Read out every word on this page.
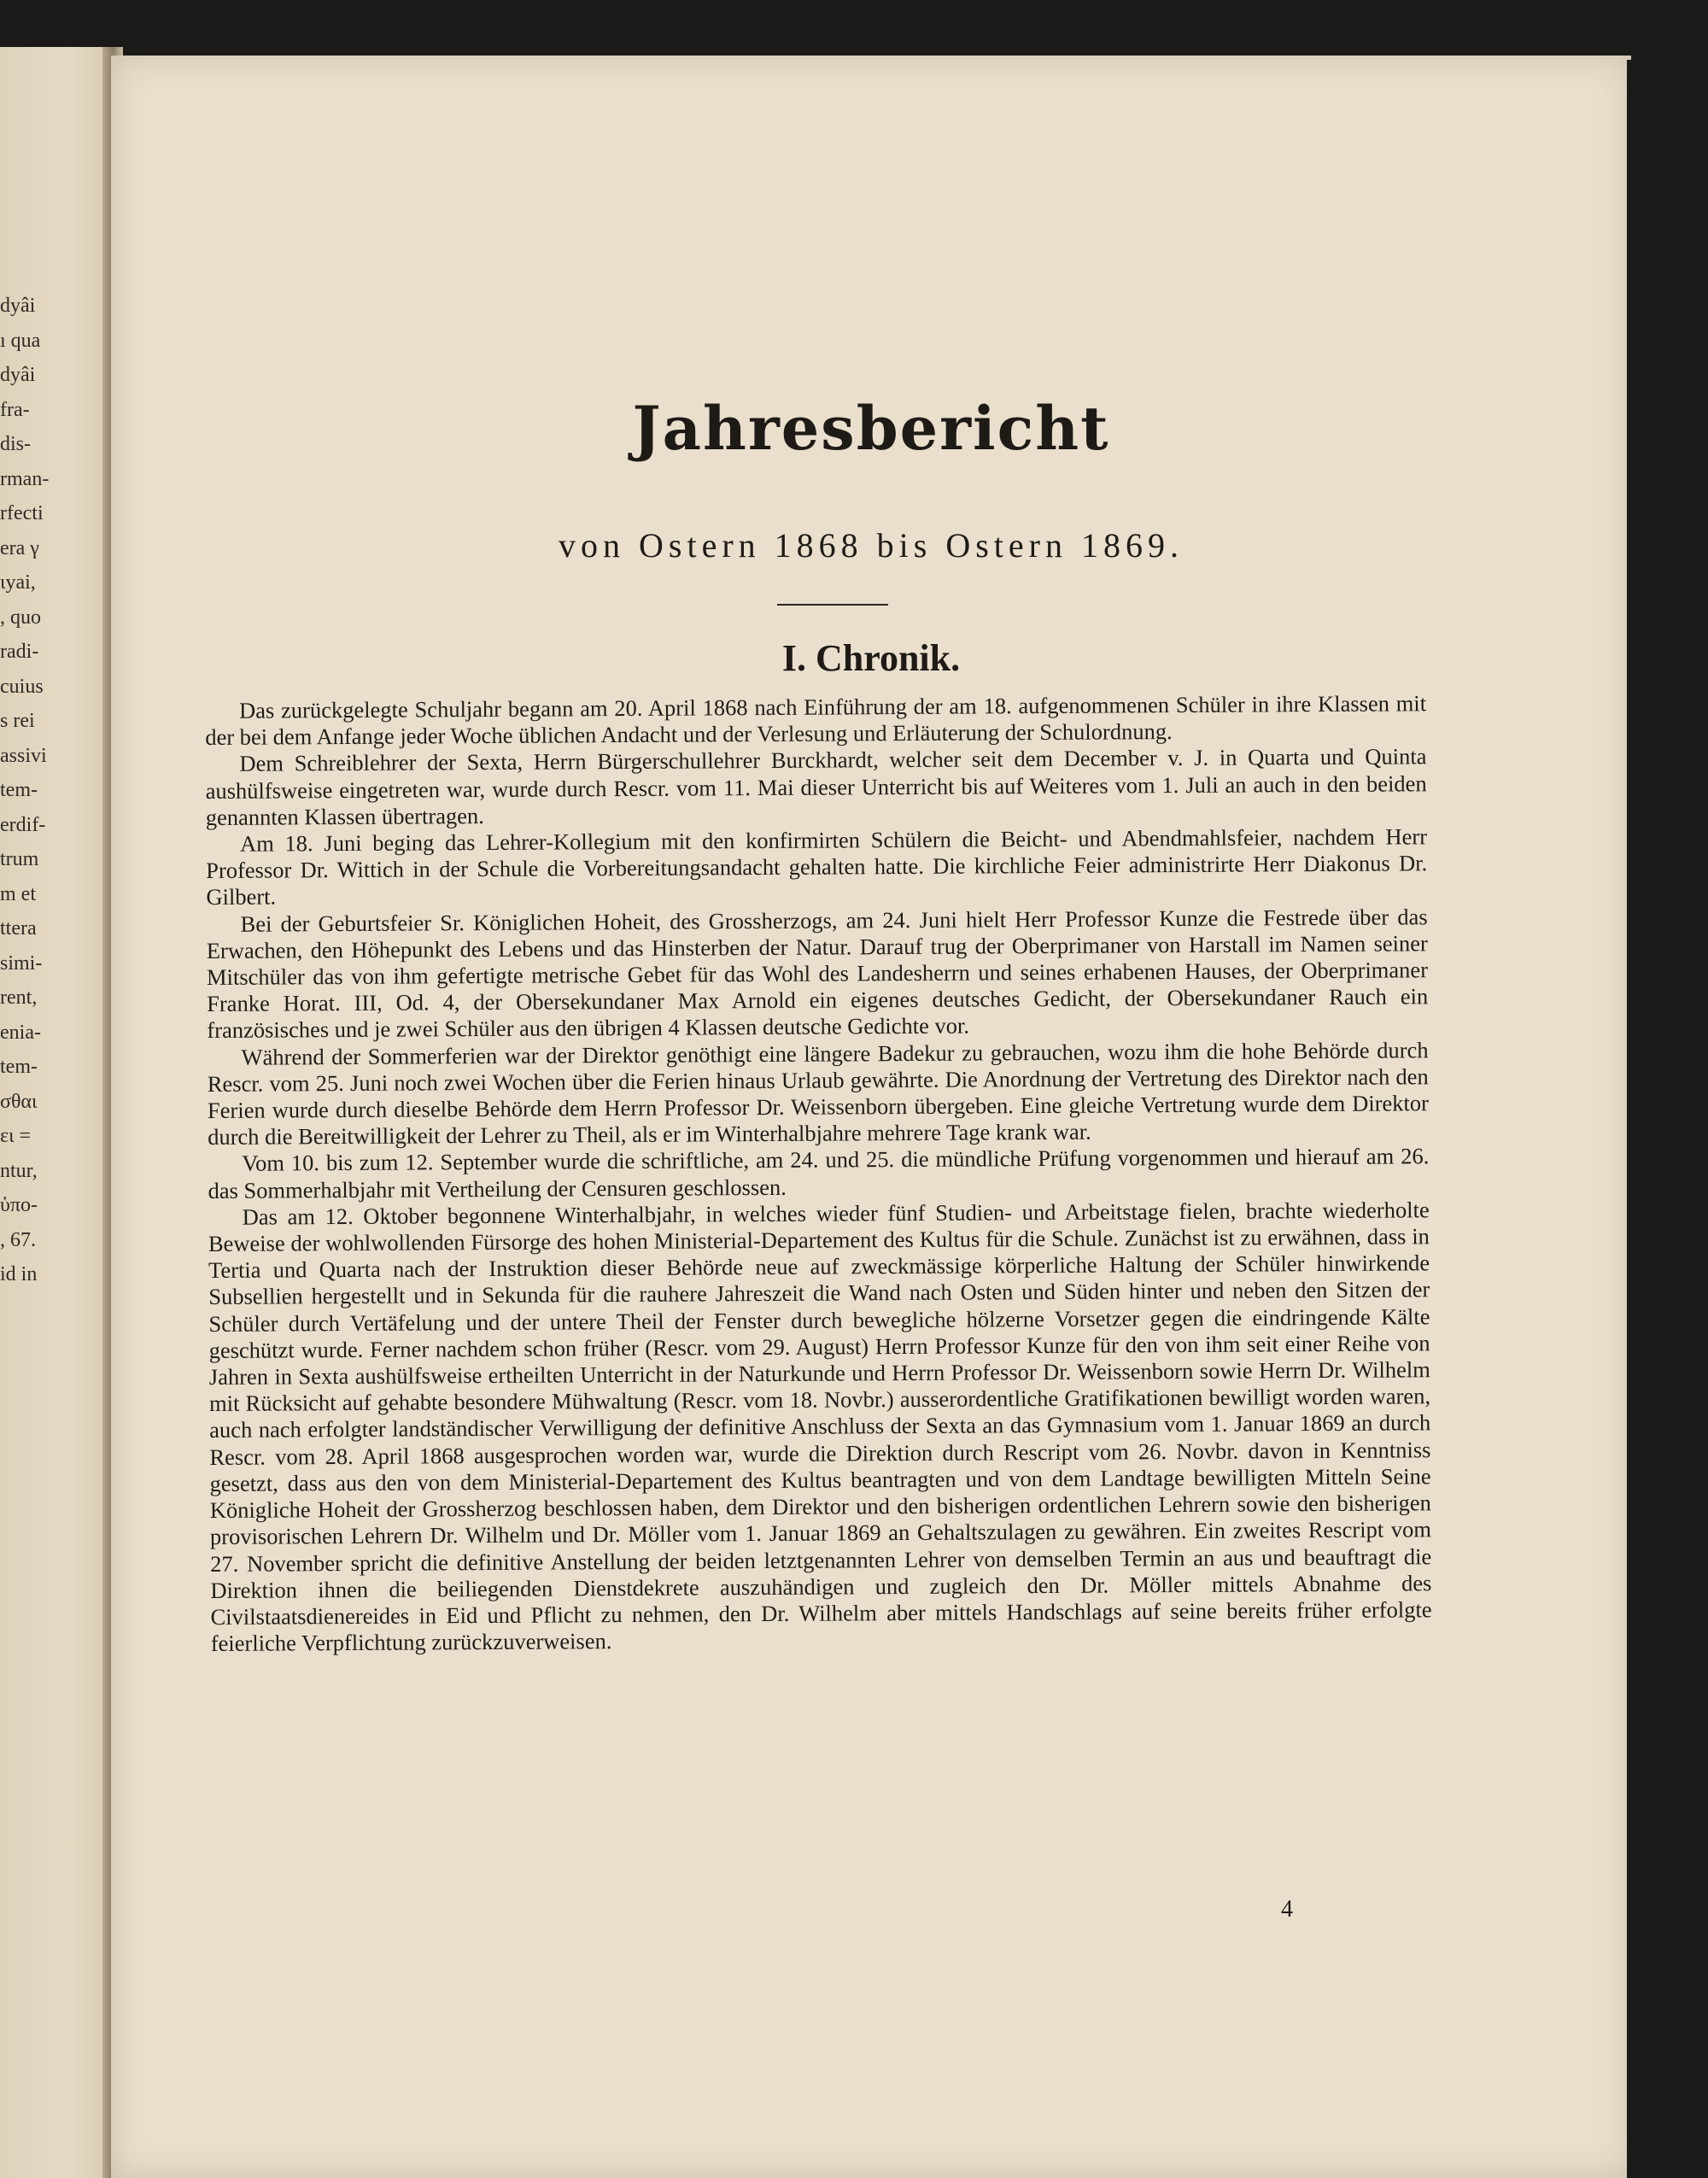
dyâi
ı qua
dyâi
fra-
dis-
rman-
rfecti
era γ
ιyai,
, quo
radi-
cuius
s rei
assivi
tem-
erdif-
trum
m et
ttera
simi-
rent,
enia-
tem-
σθαι
ει =
ntur,
ὑπο-
, 67.
id in
Jahresbericht
von Ostern 1868 bis Ostern 1869.
I. Chronik.

Das zurückgelegte Schuljahr begann am 20. April 1868 nach Einführung der am 18. aufgenommenen Schüler in ihre Klassen mit der bei dem Anfange jeder Woche üblichen Andacht und der Verlesung und Erläuterung der Schulordnung.

Dem Schreiblehrer der Sexta, Herrn Bürgerschullehrer Burckhardt, welcher seit dem December v. J. in Quarta und Quinta aushülfsweise eingetreten war, wurde durch Rescr. vom 11. Mai dieser Unterricht bis auf Weiteres vom 1. Juli an auch in den beiden genannten Klassen übertragen.

Am 18. Juni beging das Lehrer-Kollegium mit den konfirmirten Schülern die Beicht- und Abendmahlsfeier, nachdem Herr Professor Dr. Wittich in der Schule die Vorbereitungsandacht gehalten hatte. Die kirchliche Feier administrirte Herr Diakonus Dr. Gilbert.

Bei der Geburtsfeier Sr. Königlichen Hoheit, des Grossherzogs, am 24. Juni hielt Herr Professor Kunze die Festrede über das Erwachen, den Höhepunkt des Lebens und das Hinsterben der Natur. Darauf trug der Oberprimaner von Harstall im Namen seiner Mitschüler das von ihm gefertigte metrische Gebet für das Wohl des Landesherrn und seines erhabenen Hauses, der Oberprimaner Franke Horat. III, Od. 4, der Obersekundaner Max Arnold ein eigenes deutsches Gedicht, der Obersekundaner Rauch ein französisches und je zwei Schüler aus den übrigen 4 Klassen deutsche Gedichte vor.

Während der Sommerferien war der Direktor genöthigt eine längere Badekur zu gebrauchen, wozu ihm die hohe Behörde durch Rescr. vom 25. Juni noch zwei Wochen über die Ferien hinaus Urlaub gewährte. Die Anordnung der Vertretung des Direktor nach den Ferien wurde durch dieselbe Behörde dem Herrn Professor Dr. Weissenborn übergeben. Eine gleiche Vertretung wurde dem Direktor durch die Bereitwilligkeit der Lehrer zu Theil, als er im Winterhalbjahre mehrere Tage krank war.

Vom 10. bis zum 12. September wurde die schriftliche, am 24. und 25. die mündliche Prüfung vorgenommen und hierauf am 26. das Sommerhalbjahr mit Vertheilung der Censuren geschlossen.

Das am 12. Oktober begonnene Winterhalbjahr, in welches wieder fünf Studien- und Arbeitstage fielen, brachte wiederholte Beweise der wohlwollenden Fürsorge des hohen Ministerial-Departement des Kultus für die Schule. Zunächst ist zu erwähnen, dass in Tertia und Quarta nach der Instruktion dieser Behörde neue auf zweckmässige körperliche Haltung der Schüler hinwirkende Subsellien hergestellt und in Sekunda für die rauhere Jahreszeit die Wand nach Osten und Süden hinter und neben den Sitzen der Schüler durch Vertäfelung und der untere Theil der Fenster durch bewegliche hölzerne Vorsetzer gegen die eindringende Kälte geschützt wurde. Ferner nachdem schon früher (Rescr. vom 29. August) Herrn Professor Kunze für den von ihm seit einer Reihe von Jahren in Sexta aushülfsweise ertheilten Unterricht in der Naturkunde und Herrn Professor Dr. Weissenborn sowie Herrn Dr. Wilhelm mit Rücksicht auf gehabte besondere Mühwaltung (Rescr. vom 18. Novbr.) ausserordentliche Gratifikationen bewilligt worden waren, auch nach erfolgter landständischer Verwilligung der definitive Anschluss der Sexta an das Gymnasium vom 1. Januar 1869 an durch Rescr. vom 28. April 1868 ausgesprochen worden war, wurde die Direktion durch Rescript vom 26. Novbr. davon in Kenntniss gesetzt, dass aus den von dem Ministerial-Departement des Kultus beantragten und von dem Landtage bewilligten Mitteln Seine Königliche Hoheit der Grossherzog beschlossen haben, dem Direktor und den bisherigen ordentlichen Lehrern sowie den bisherigen provisorischen Lehrern Dr. Wilhelm und Dr. Möller vom 1. Januar 1869 an Gehaltszulagen zu gewähren. Ein zweites Rescript vom 27. November spricht die definitive Anstellung der beiden letztgenannten Lehrer von demselben Termin an aus und beauftragt die Direktion ihnen die beiliegenden Dienstdekrete auszuhändigen und zugleich den Dr. Möller mittels Abnahme des Civilstaatsdienereides in Eid und Pflicht zu nehmen, den Dr. Wilhelm aber mittels Handschlags auf seine bereits früher erfolgte feierliche Verpflichtung zurückzuverweisen.

4
